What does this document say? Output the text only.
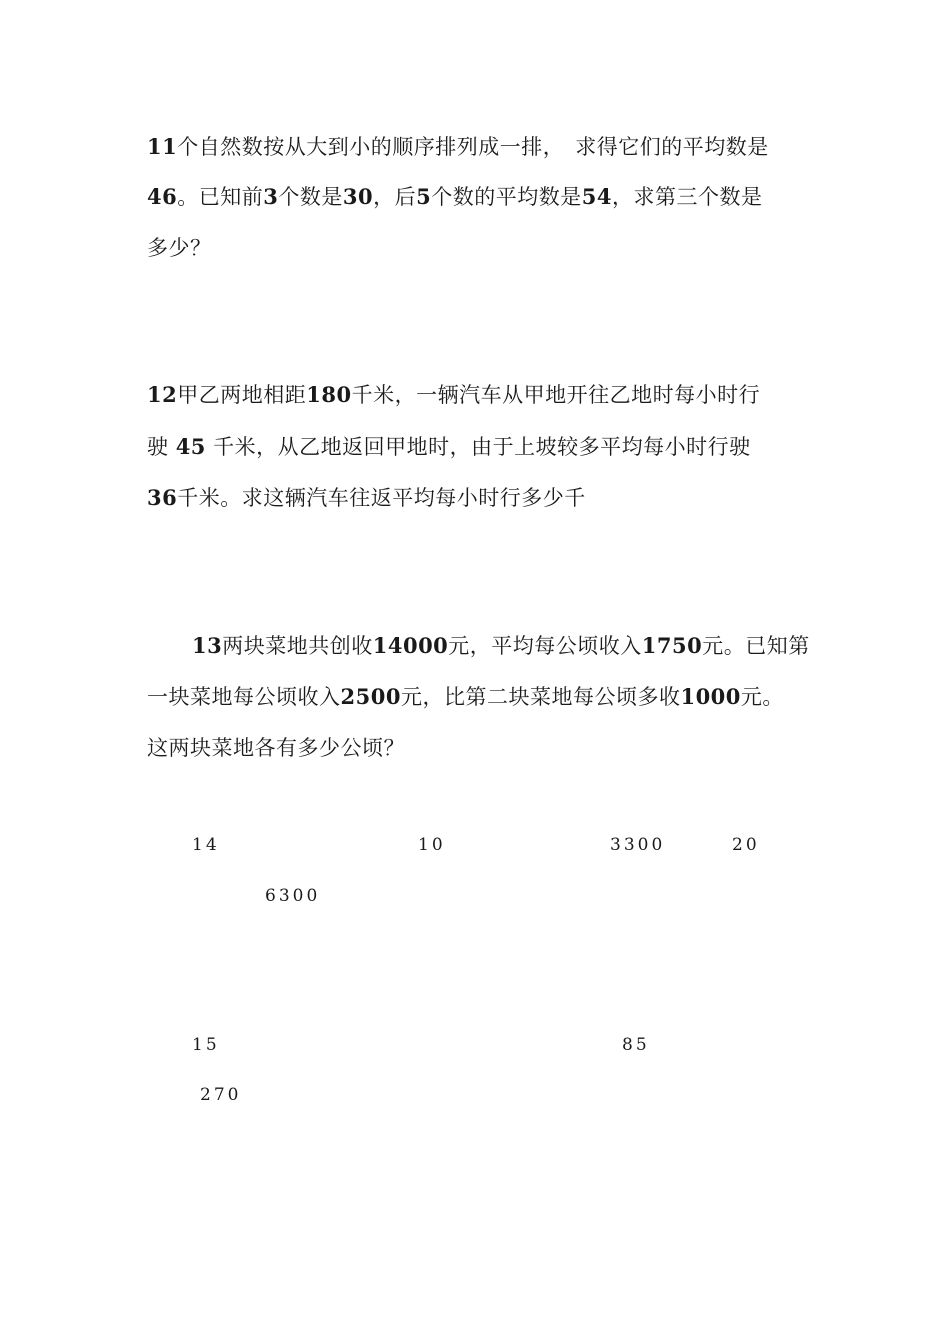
11个自然数按从大到小的顺序排列成一排，　求得它们的平均数是
46。已知前3个数是30，后5个数的平均数是54，求第三个数是
多少？
12甲乙两地相距180千米，一辆汽车从甲地开往乙地时每小时行
驶 45 千米，从乙地返回甲地时，由于上坡较多平均每小时行驶
36千米。求这辆汽车往返平均每小时行多少千
13两块菜地共创收14000元，平均每公顷收入1750元。已知第
一块菜地每公顷收入2500元，比第二块菜地每公顷多收1000元。
这两块菜地各有多少公顷？
14	10	3300	20
6300
15	85
270
